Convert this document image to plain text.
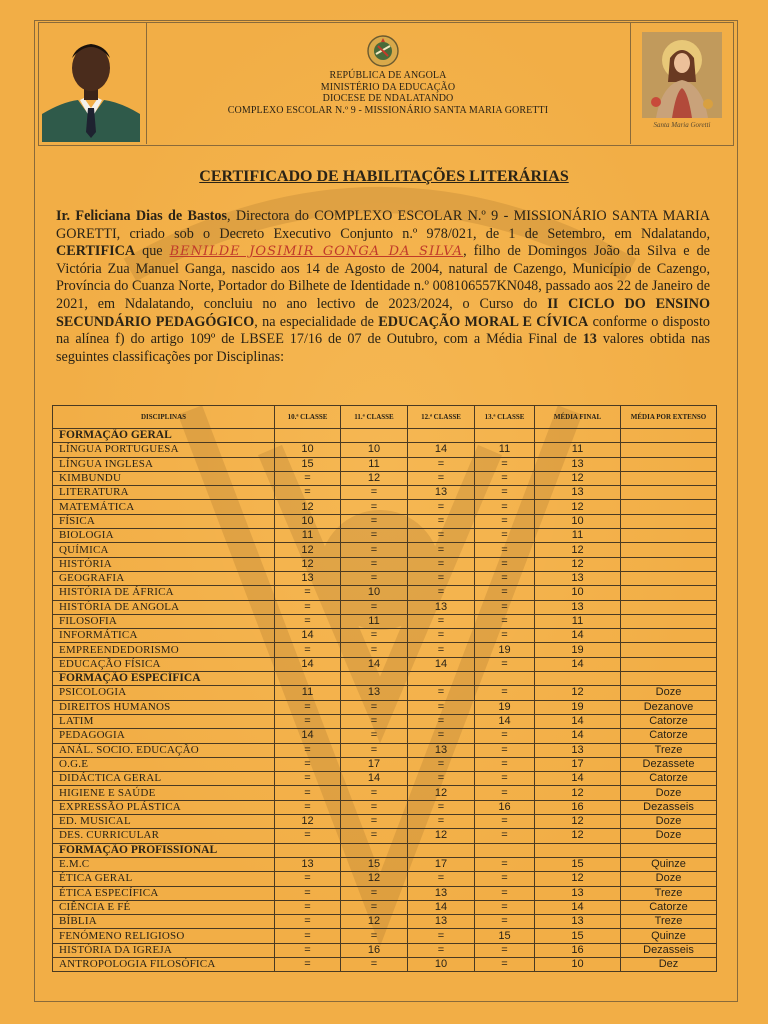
REPÚBLICA DE ANGOLA
MINISTÉRIO DA EDUCAÇÃO
DIOCESE DE NDALATANDO
COMPLEXO ESCOLAR N.º 9 - MISSIONÁRIO SANTA MARIA GORETTI
Santa Maria Goretti
CERTIFICADO DE HABILITAÇÕES LITERÁRIAS
Ir. Feliciana Dias de Bastos, Directora do COMPLEXO ESCOLAR N.º 9 - MISSIONÁRIO SANTA MARIA GORETTI, criado sob o Decreto Executivo Conjunto n.º 978/021, de 1 de Setembro, em Ndalatando, CERTIFICA que BENILDE JOSIMIR GONGA DA SILVA, filho de Domingos João da Silva e de Victória Zua Manuel Ganga, nascido aos 14 de Agosto de 2004, natural de Cazengo, Município de Cazengo, Província do Cuanza Norte, Portador do Bilhete de Identidade n.º 008106557KN048, passado aos 22 de Janeiro de 2021, em Ndalatando, concluiu no ano lectivo de 2023/2024, o Curso do II CICLO DO ENSINO SECUNDÁRIO PEDAGÓGICO, na especialidade de EDUCAÇÃO MORAL E CÍVICA conforme o disposto na alínea f) do artigo 109º de LBSEE 17/16 de 07 de Outubro, com a Média Final de 13 valores obtida nas seguintes classificações por Disciplinas:
DISCIPLINAS	10.ª CLASSE	11.ª CLASSE	12.ª CLASSE	13.ª CLASSE	MÉDIA FINAL	MÉDIA POR EXTENSO
FORMAÇÃO GERAL						
LÍNGUA PORTUGUESA	10	10	14	11	11	
LÍNGUA INGLESA	15	11	=	=	13	
KIMBUNDU	=	12	=	=	12	
LITERATURA	=	=	13	=	13	
MATEMÁTICA	12	=	=	=	12	
FÍSICA	10	=	=	=	10	
BIOLOGIA	11	=	=	=	11	
QUÍMICA	12	=	=	=	12	
HISTÓRIA	12	=	=	=	12	
GEOGRAFIA	13	=	=	=	13	
HISTÓRIA DE ÁFRICA	=	10	=	=	10	
HISTÓRIA DE ANGOLA	=	=	13	=	13	
FILOSOFIA	=	11	=	=	11	
INFORMÁTICA	14	=	=	=	14	
EMPREENDEDORISMO	=	=	=	19	19	
EDUCAÇÃO FÍSICA	14	14	14	=	14	
FORMAÇÃO ESPECÍFICA						
PSICOLOGIA	11	13	=	=	12	Doze
DIREITOS HUMANOS	=	=	=	19	19	Dezanove
LATIM	=	=	=	14	14	Catorze
PEDAGOGIA	14	=	=	=	14	Catorze
ANÁL. SOCIO. EDUCAÇÃO	=	=	13	=	13	Treze
O.G.E	=	17	=	=	17	Dezassete
DIDÁCTICA GERAL	=	14	=	=	14	Catorze
HIGIENE E SAÚDE	=	=	12	=	12	Doze
EXPRESSÃO PLÁSTICA	=	=	=	16	16	Dezasseis
ED. MUSICAL	12	=	=	=	12	Doze
DES. CURRICULAR	=	=	12	=	12	Doze
FORMAÇÃO PROFISSIONAL						
E.M.C	13	15	17	=	15	Quinze
ÉTICA GERAL	=	12	=	=	12	Doze
ÉTICA ESPECÍFICA	=	=	13	=	13	Treze
CIÊNCIA E FÉ	=	=	14	=	14	Catorze
BÍBLIA	=	12	13	=	13	Treze
FENÓMENO RELIGIOSO	=	=	=	15	15	Quinze
HISTÓRIA DA IGREJA	=	16	=	=	16	Dezasseis
ANTROPOLOGIA FILOSÓFICA	=	=	10	=	10	Dez
